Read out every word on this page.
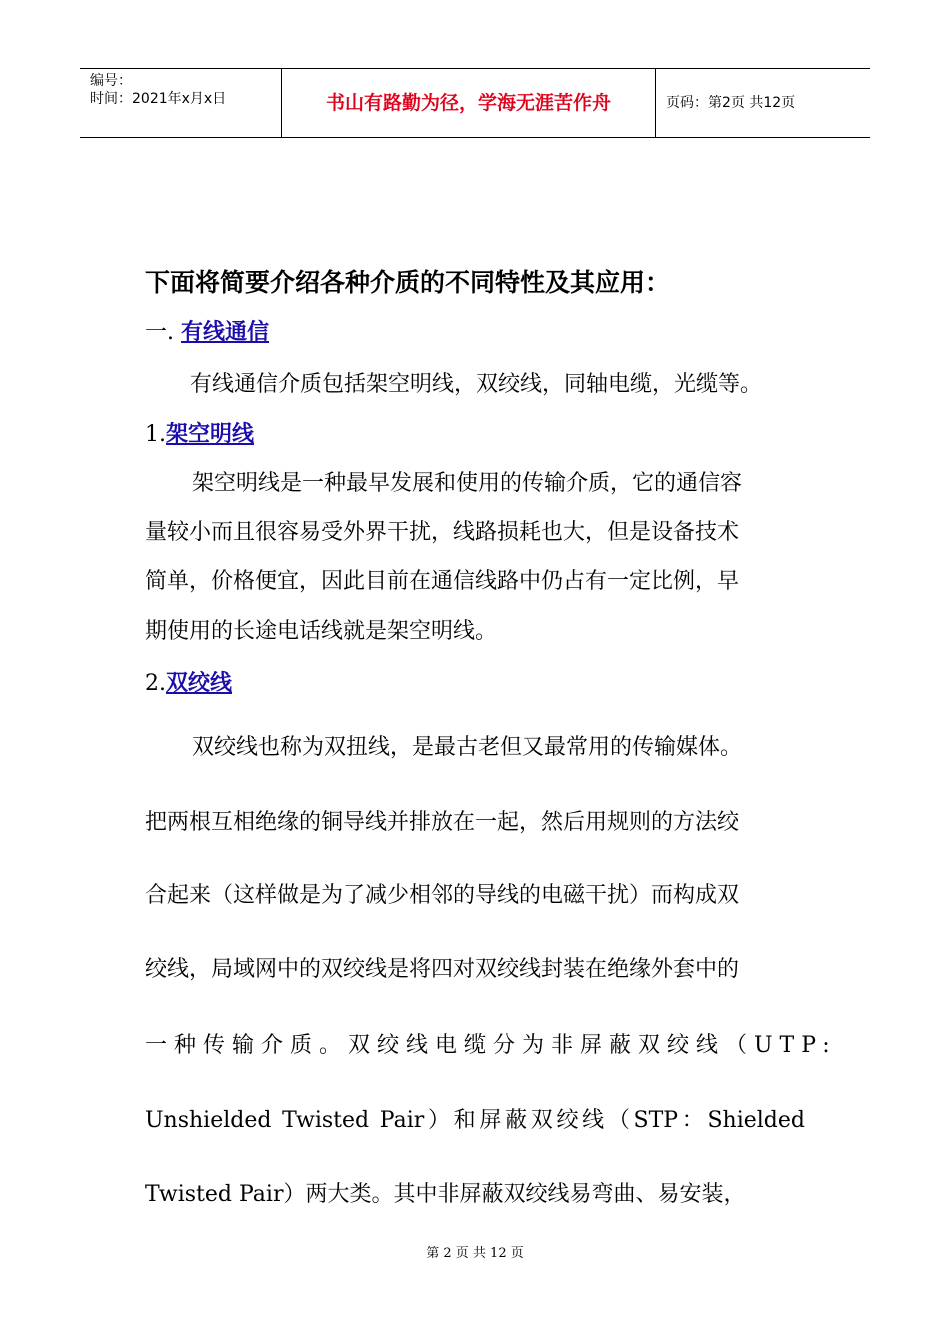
编号：
时间：2021年x月x日	书山有路勤为径，学海无涯苦作舟	页码：第2页 共12页
下面将简要介绍各种介质的不同特性及其应用：
一. 有线通信
有线通信介质包括架空明线，双绞线，同轴电缆，光缆等。
1.架空明线
架空明线是一种最早发展和使用的传输介质，它的通信容
量较小而且很容易受外界干扰，线路损耗也大，但是设备技术
简单，价格便宜，因此目前在通信线路中仍占有一定比例，早
期使用的长途电话线就是架空明线。
2.双绞线
双绞线也称为双扭线，是最古老但又最常用的传输媒体。
把两根互相绝缘的铜导线并排放在一起，然后用规则的方法绞
合起来（这样做是为了减少相邻的导线的电磁干扰）而构成双
绞线，局域网中的双绞线是将四对双绞线封装在绝缘外套中的
一种传输介质。双绞线电缆分为非屏蔽双绞线（UTP:
Unshielded Twisted Pair）和屏蔽双绞线（STP：Shielded
Twisted Pair）两大类。其中非屏蔽双绞线易弯曲、易安装，
第 2 页 共 12 页
